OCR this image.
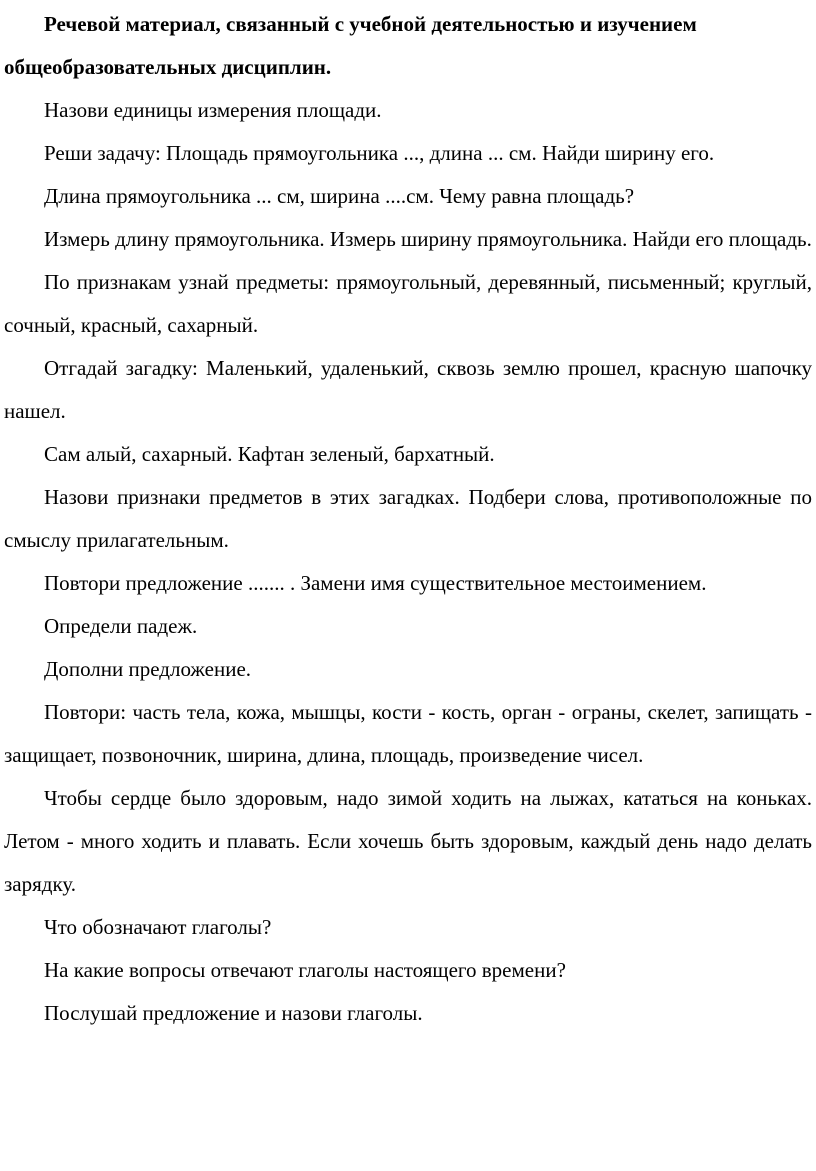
Речевой материал, связанный с учебной деятельностью и изучением общеобразовательных дисциплин.

Назови единицы измерения площади.

Реши задачу: Площадь прямоугольника ..., длина ... см. Найди ширину его.

Длина прямоугольника ... см, ширина ....см. Чему равна площадь?

Измерь длину прямоугольника. Измерь ширину прямоугольника. Найди его площадь.

По признакам узнай предметы: прямоугольный, деревянный, письменный; круглый, сочный, красный, сахарный.

Отгадай загадку: Маленький, удаленький, сквозь землю прошел, красную шапочку нашел.

Сам алый, сахарный. Кафтан зеленый, бархатный.

Назови признаки предметов в этих загадках. Подбери слова, противоположные по смыслу прилагательным.

Повтори предложение ....... . Замени имя существительное местоимением.

Определи падеж.

Дополни предложение.

Повтори: часть тела, кожа, мышцы, кости - кость, орган - ограны, скелет, запищать - защищает, позвоночник, ширина, длина, площадь, произведение чисел.

Чтобы сердце было здоровым, надо зимой ходить на лыжах, кататься на коньках. Летом - много ходить и плавать. Если хочешь быть здоровым, каждый день надо делать зарядку.

Что обозначают глаголы?

На какие вопросы отвечают глаголы настоящего времени?

Послушай предложение и назови глаголы.
